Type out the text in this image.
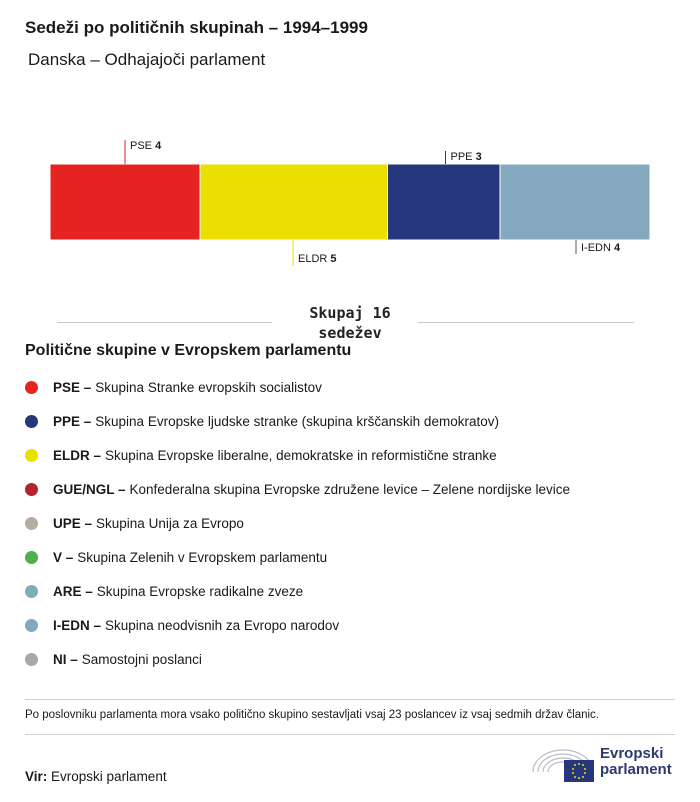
Sedeži po političnih skupinah – 1994–1999
Danska – Odhajajoči parlament
PSE 4
ELDR 5
PPE 3
I-EDN 4
Skupaj 16
sedežev
Politične skupine v Evropskem parlamentu
PSE – Skupina Stranke evropskih socialistov
PPE – Skupina Evropske ljudske stranke (skupina krščanskih demokratov)
ELDR – Skupina Evropske liberalne, demokratske in reformistične stranke
GUE/NGL – Konfederalna skupina Evropske združene levice – Zelene nordijske levice
UPE – Skupina Unija za Evropo
V – Skupina Zelenih v Evropskem parlamentu
ARE – Skupina Evropske radikalne zveze
I-EDN – Skupina neodvisnih za Evropo narodov
NI – Samostojni poslanci
Po poslovniku parlamenta mora vsako politično skupino sestavljati vsaj 23 poslancev iz vsaj sedmih držav članic.
Vir: Evropski parlament
Evropski
parlament
